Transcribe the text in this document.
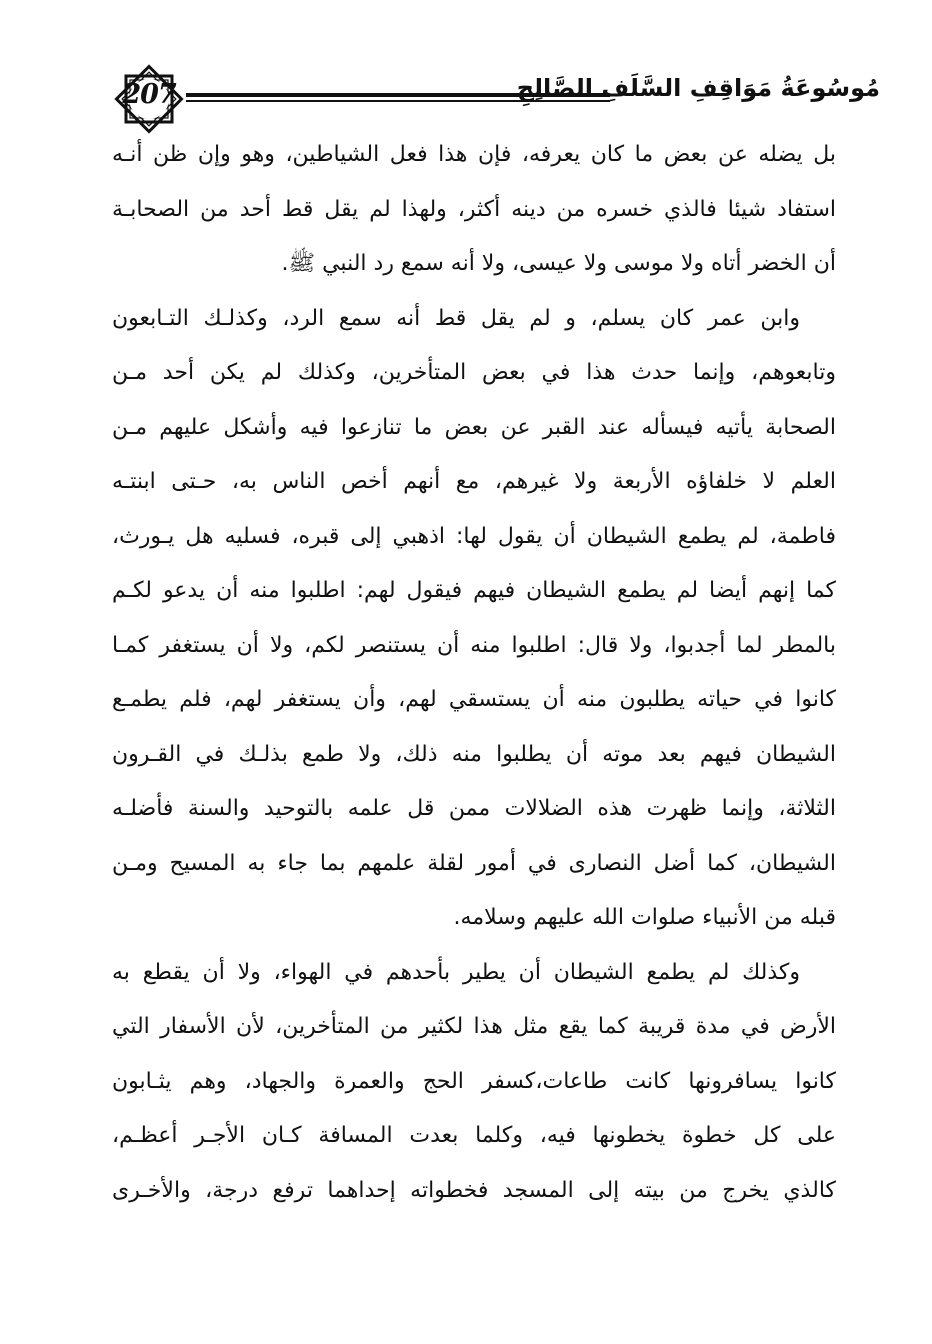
207	مُوسُوعَةُ مَوَاقِفِ السَّلَفِ الصَّالِحِ
بل يضله عن بعض ما كان يعرفه، فإن هذا فعل الشياطين، وهو وإن ظن أنـه
استفاد شيئا فالذي خسره من دينه أكثر، ولهذا لم يقل قط أحد من الصحابـة
أن الخضر أتاه ولا موسى ولا عيسى، ولا أنه سمع رد النبي ﷺ.
وابن عمر كان يسلم، و لم يقل قط أنه سمع الرد، وكذلـك التـابعون
وتابعوهم، وإنما حدث هذا في بعض المتأخرين، وكذلك لم يكن أحد مـن
الصحابة يأتيه فيسأله عند القبر عن بعض ما تنازعوا فيه وأشكل عليهم مـن
العلم لا خلفاؤه الأربعة ولا غيرهم، مع أنهم أخص الناس به، حـتى ابنتـه
فاطمة، لم يطمع الشيطان أن يقول لها: اذهبي إلى قبره، فسليه هل يـورث،
كما إنهم أيضا لم يطمع الشيطان فيهم فيقول لهم: اطلبوا منه أن يدعو لكـم
بالمطر لما أجدبوا، ولا قال: اطلبوا منه أن يستنصر لكم، ولا أن يستغفر كمـا
كانوا في حياته يطلبون منه أن يستسقي لهم، وأن يستغفر لهم، فلم يطمـع
الشيطان فيهم بعد موته أن يطلبوا منه ذلك، ولا طمع بذلـك في القـرون
الثلاثة، وإنما ظهرت هذه الضلالات ممن قل علمه بالتوحيد والسنة فأضلـه
الشيطان، كما أضل النصارى في أمور لقلة علمهم بما جاء به المسيح ومـن
قبله من الأنبياء صلوات الله عليهم وسلامه.
وكذلك لم يطمع الشيطان أن يطير بأحدهم في الهواء، ولا أن يقطع به
الأرض في مدة قريبة كما يقع مثل هذا لكثير من المتأخرين، لأن الأسفار التي
كانوا يسافرونها كانت طاعات،كسفر الحج والعمرة والجهاد، وهم يثـابون
على كل خطوة يخطونها فيه، وكلما بعدت المسافة كـان الأجـر أعظـم،
كالذي يخرج من بيته إلى المسجد فخطواته إحداهما ترفع درجة، والأخـرى
